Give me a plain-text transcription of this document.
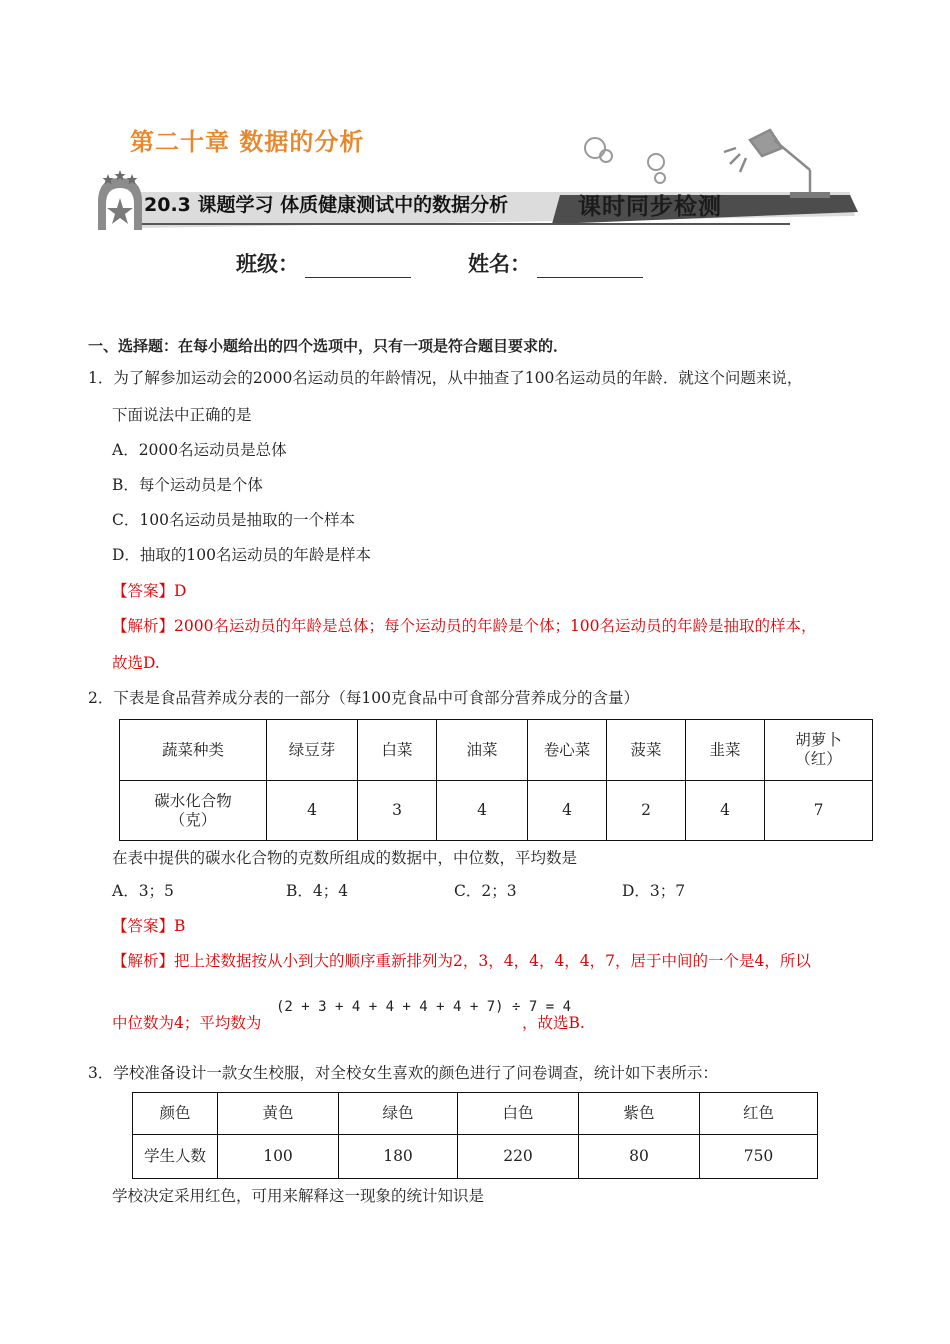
第二十章 数据的分析
20.3 课题学习 体质健康测试中的数据分析	课时同步检测
班级：	姓名：
一、选择题：在每小题给出的四个选项中，只有一项是符合题目要求的．
1．为了解参加运动会的2000名运动员的年龄情况，从中抽查了100名运动员的年龄．就这个问题来说，
下面说法中正确的是
A．2000名运动员是总体
B．每个运动员是个体
C．100名运动员是抽取的一个样本
D．抽取的100名运动员的年龄是样本
【答案】D
【解析】2000名运动员的年龄是总体；每个运动员的年龄是个体；100名运动员的年龄是抽取的样本，
故选D.
2．下表是食品营养成分表的一部分（每100克食品中可食部分营养成分的含量）
蔬菜种类	绿豆芽	白菜	油菜	卷心菜	菠菜	韭菜	胡萝卜
（红）

碳水化合物
（克）	4	3	4	4	2	4	7
在表中提供的碳水化合物的克数所组成的数据中，中位数，平均数是
A．3；5	B．4；4	C．2；3	D．3；7
【答案】B
【解析】把上述数据按从小到大的顺序重新排列为2，3，4，4，4，4，7，居于中间的一个是4，所以
中位数为4；平均数为
(2 + 3 + 4 + 4 + 4 + 4 + 7) ÷ 7 = 4
，故选B.
3．学校准备设计一款女生校服，对全校女生喜欢的颜色进行了问卷调查，统计如下表所示：
颜色	黄色	绿色	白色	紫色	红色
学生人数	100	180	220	80	750
学校决定采用红色，可用来解释这一现象的统计知识是
